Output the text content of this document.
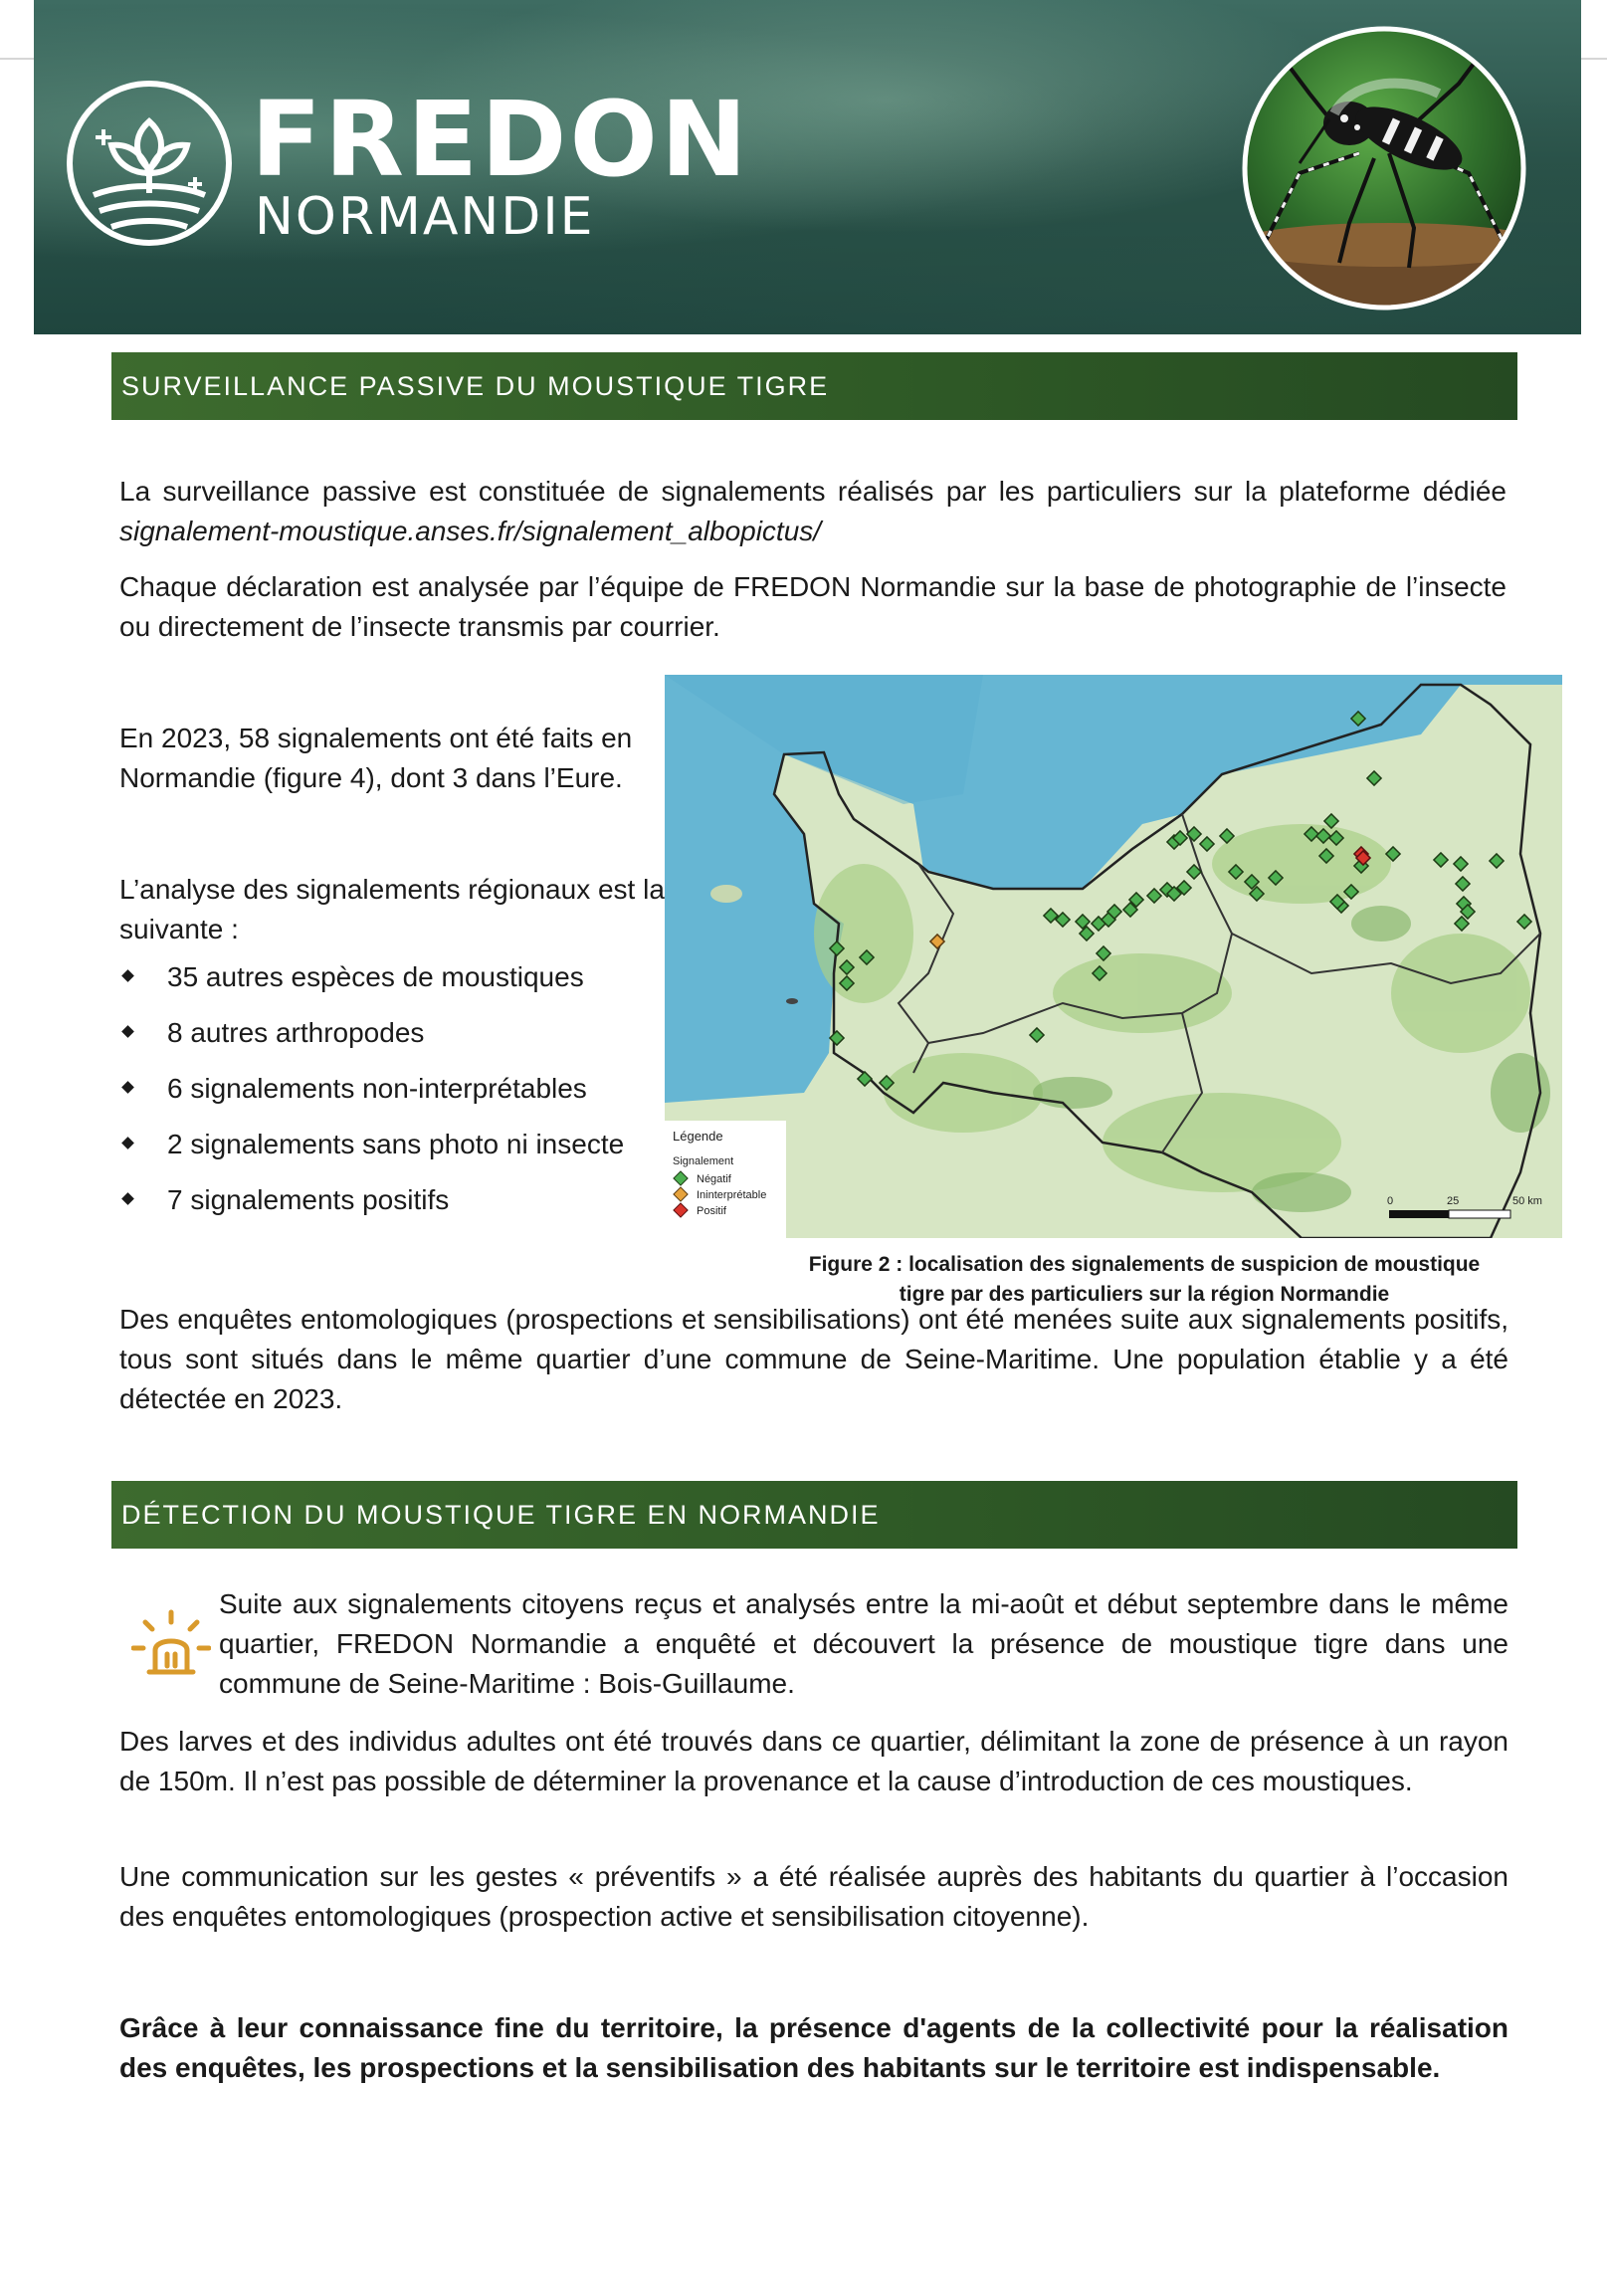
FREDON
NORMANDIE
SURVEILLANCE PASSIVE DU MOUSTIQUE TIGRE
La surveillance passive est constituée de signalements réalisés par les particuliers sur la plateforme dédiée signalement-moustique.anses.fr/signalement_albopictus/
Chaque déclaration est analysée par l’équipe de FREDON Normandie sur la base de photographie de l’insecte ou directement de l’insecte transmis par courrier.
En 2023, 58 signalements ont été faits en Normandie (figure 4), dont 3 dans l’Eure.
L’analyse des signalements régionaux est la suivante :
35 autres espèces de moustiques
8 autres arthropodes
6 signalements non-interprétables
2 signalements sans photo ni insecte
7 signalements positifs
Légende
Signalement
Négatif
Ininterprétable
Positif
0	25	50 km
Figure 2 : localisation des signalements de suspicion de moustique
tigre par des particuliers sur la région Normandie
Des enquêtes entomologiques (prospections et sensibilisations) ont été menées suite aux signalements positifs, tous sont situés dans le même quartier d’une commune de Seine-Maritime. Une population établie y a été détectée en 2023.
DÉTECTION DU MOUSTIQUE TIGRE EN NORMANDIE
Suite aux signalements citoyens reçus et analysés entre la mi-août et début septembre dans le même quartier, FREDON Normandie a enquêté et découvert la présence de moustique tigre dans une commune de Seine-Maritime : Bois-Guillaume.
Des larves et des individus adultes ont été trouvés dans ce quartier, délimitant la zone de présence à un rayon de 150m. Il n’est pas possible de déterminer la provenance et la cause d’introduction de ces moustiques.
Une communication sur les gestes « préventifs » a été réalisée auprès des habitants du quartier à l’occasion des enquêtes entomologiques (prospection active et sensibilisation citoyenne).
Grâce à leur connaissance fine du territoire, la présence d'agents de la collectivité pour la réalisation des enquêtes, les prospections et la sensibilisation des habitants sur le territoire est indispensable.
